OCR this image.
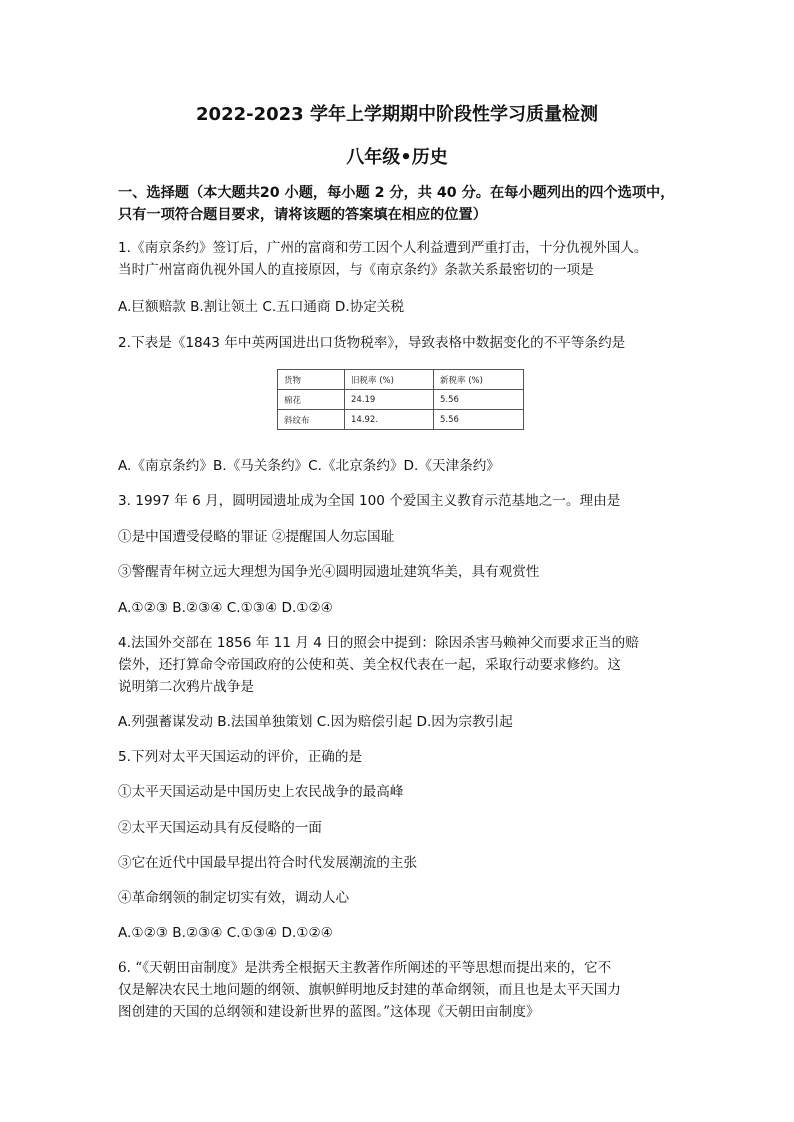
2022-2023 学年上学期期中阶段性学习质量检测
八年级•历史
一、选择题（本大题共20 小题，每小题 2 分，共 40 分。在每小题列出的四个选项中，
只有一项符合题目要求，请将该题的答案填在相应的位置）
1.《南京条约》签订后，广州的富商和劳工因个人利益遭到严重打击，十分仇视外国人。
当时广州富商仇视外国人的直接原因，与《南京条约》条款关系最密切的一项是
A.巨额赔款 B.割让领土 C.五口通商 D.协定关税
2.下表是《1843 年中英两国进出口货物税率》，导致表格中数据变化的不平等条约是
货物	旧税率 (%)	新税率 (%)
棉花	24.19	5.56
斜纹布	14.92.	5.56
A.《南京条约》B.《马关条约》C.《北京条约》D.《天津条约》
3. 1997 年 6 月，圆明园遗址成为全国 100 个爱国主义教育示范基地之一。理由是
①是中国遭受侵略的罪证 ②提醒国人勿忘国耻
③警醒青年树立远大理想为国争光④圆明园遗址建筑华美，具有观赏性
A.①②③ B.②③④ C.①③④ D.①②④
4.法国外交部在 1856 年 11 月 4 日的照会中提到：除因杀害马赖神父而要求正当的赔
偿外，还打算命令帝国政府的公使和英、美全权代表在一起，采取行动要求修约。这
说明第二次鸦片战争是
A.列强蓄谋发动 B.法国单独策划 C.因为赔偿引起 D.因为宗教引起
5.下列对太平天国运动的评价，正确的是
①太平天国运动是中国历史上农民战争的最高峰
②太平天国运动具有反侵略的一面
③它在近代中国最早提出符合时代发展潮流的主张
④革命纲领的制定切实有效，调动人心
A.①②③ B.②③④ C.①③④ D.①②④
6. “《天朝田亩制度》是洪秀全根据天主教著作所阐述的平等思想而提出来的，它不
仅是解决农民土地问题的纲领、旗帜鲜明地反封建的革命纲领，而且也是太平天国力
图创建的天国的总纲领和建设新世界的蓝图。”这体现《天朝田亩制度》
